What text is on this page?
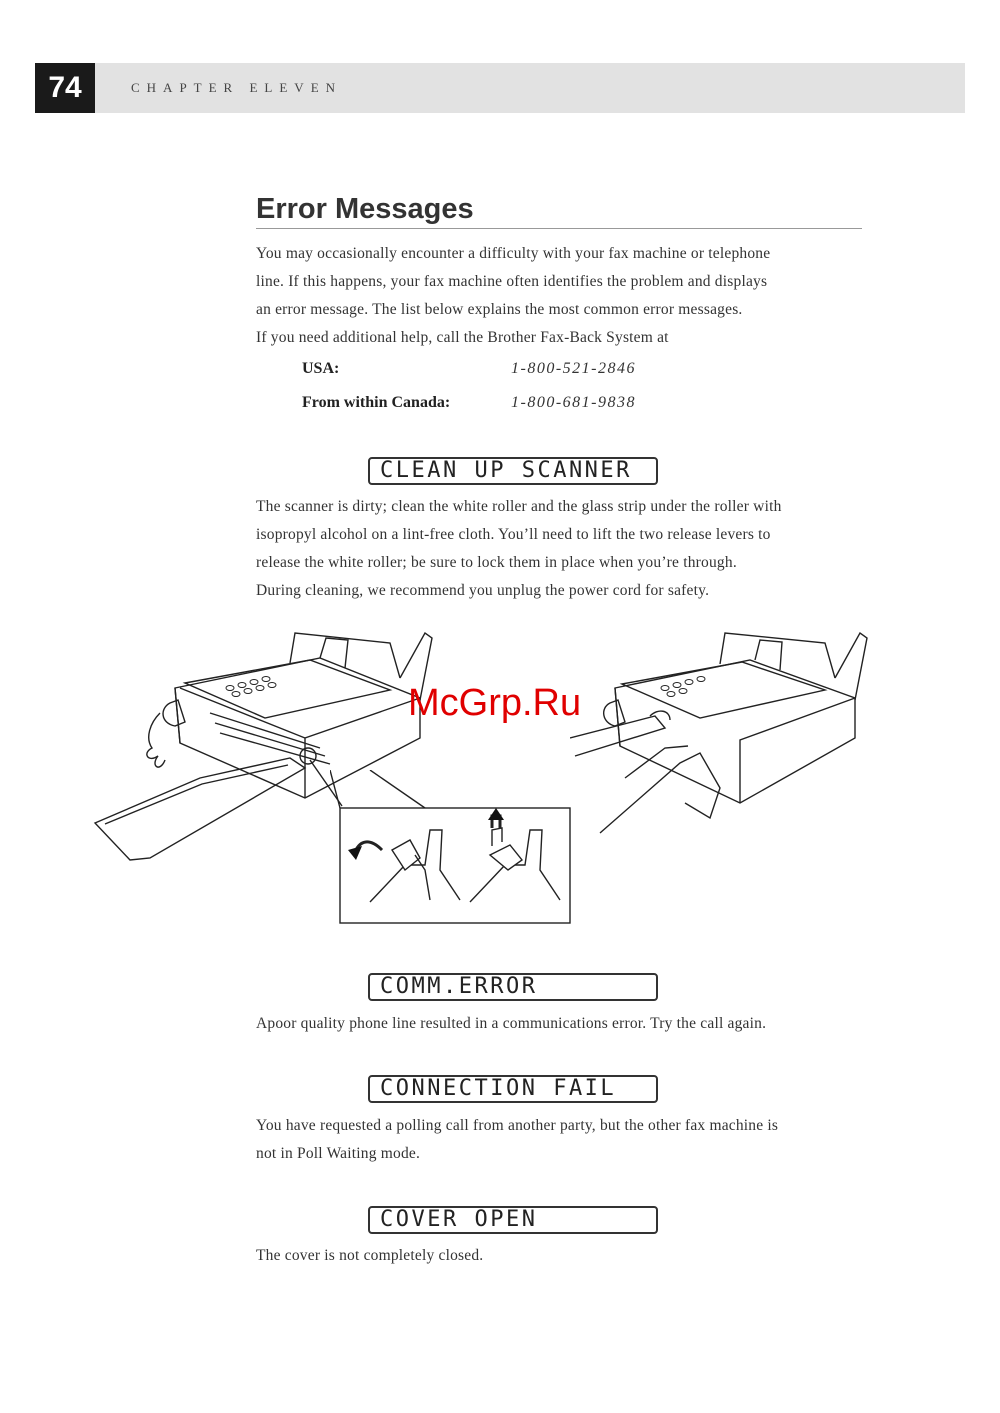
74	CHAPTER ELEVEN
Error Messages
You may occasionally encounter a difficulty with your fax machine or telephone
line. If this happens, your fax machine often identifies the problem and displays
an error message. The list below explains the most common error messages.
If you need additional help, call the Brother Fax-Back System at
USA:	1-800-521-2846
From within Canada:	1-800-681-9838
CLEAN UP SCANNER
The scanner is dirty; clean the white roller and the glass strip under the roller with
isopropyl alcohol on a lint-free cloth. You’ll need to lift the two release levers to
release the white roller; be sure to lock them in place when you’re through.
During cleaning, we recommend you unplug the power cord for safety.
McGrp.Ru
COMM.ERROR
Apoor quality phone line resulted in a communications error. Try the call again.
CONNECTION FAIL
You have requested a polling call from another party, but the other fax machine is
not in Poll Waiting mode.
COVER OPEN
The cover is not completely closed.
